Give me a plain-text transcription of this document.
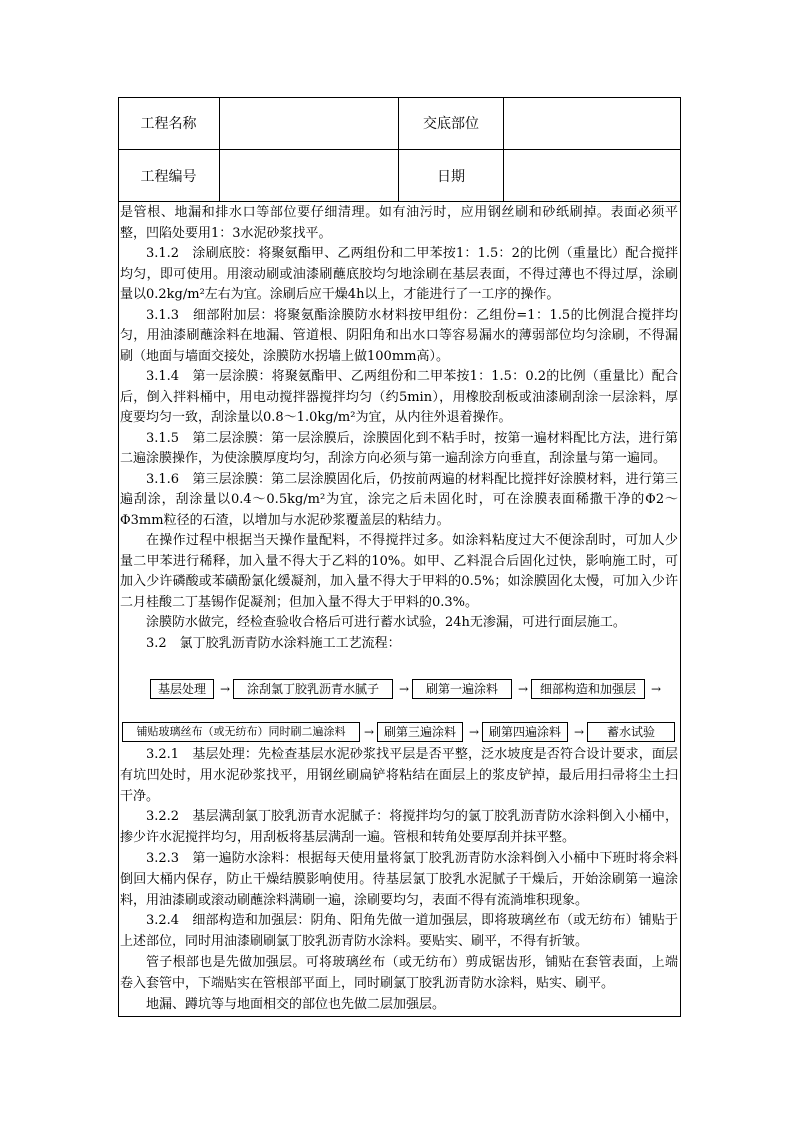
工程名称	交底部位
工程编号	日期

是管根、地漏和排水口等部位要仔细清理。如有油污时，应用钢丝刷和砂纸刷掉。表面必须平整，凹陷处要用1：3水泥砂浆找平。

3.1.2　涂刷底胶：将聚氨酯甲、乙两组份和二甲苯按1：1.5：2的比例（重量比）配合搅拌均匀，即可使用。用滚动刷或油漆刷蘸底胶均匀地涂刷在基层表面，不得过薄也不得过厚，涂刷量以0.2kg/m²左右为宜。涂刷后应干燥4h以上，才能进行了一工序的操作。

3.1.3　细部附加层：将聚氨酯涂膜防水材料按甲组份：乙组份=1：1.5的比例混合搅拌均匀，用油漆刷蘸涂料在地漏、管道根、阴阳角和出水口等容易漏水的薄弱部位均匀涂刷，不得漏刷（地面与墙面交接处，涂膜防水拐墙上做100mm高）。

3.1.4　第一层涂膜：将聚氨酯甲、乙两组份和二甲苯按1：1.5：0.2的比例（重量比）配合后，倒入拌料桶中，用电动搅拌器搅拌均匀（约5min），用橡胶刮板或油漆刷刮涂一层涂料，厚度要均匀一致，刮涂量以0.8～1.0kg/m²为宜，从内往外退着操作。

3.1.5　第二层涂膜：第一层涂膜后，涂膜固化到不粘手时，按第一遍材料配比方法，进行第二遍涂膜操作，为使涂膜厚度均匀，刮涂方向必须与第一遍刮涂方向垂直，刮涂量与第一遍同。

3.1.6　第三层涂膜：第二层涂膜固化后，仍按前两遍的材料配比搅拌好涂膜材料，进行第三遍刮涂，刮涂量以0.4～0.5kg/m²为宜，涂完之后未固化时，可在涂膜表面稀撒干净的Φ2～Φ3mm粒径的石渣，以增加与水泥砂浆覆盖层的粘结力。

在操作过程中根据当天操作量配料，不得搅拌过多。如涂料粘度过大不便涂刮时，可加人少量二甲苯进行稀释，加入量不得大于乙料的10%。如甲、乙料混合后固化过快，影响施工时，可加入少许磷酸或苯磺酚氯化缓凝剂，加入量不得大于甲料的0.5%；如涂膜固化太慢，可加入少许二月桂酸二丁基锡作促凝剂；但加入量不得大于甲料的0.3%。

涂膜防水做完，经检查验收合格后可进行蓄水试验，24h无渗漏，可进行面层施工。

3.2　氯丁胶乳沥青防水涂料施工工艺流程：

基层处理	→	涂刮氯丁胶乳沥青水腻子	→	刷第一遍涂料	→ 细部构造和加强层	→
铺贴玻璃丝布（或无纺布）同时刷二遍涂料	→ 刷第三遍涂料	→ 刷第四遍涂料	→	蓄水试验

3.2.1　基层处理：先检查基层水泥砂浆找平层是否平整，泛水坡度是否符合设计要求，面层有坑凹处时，用水泥砂浆找平，用钢丝刷扁铲将粘结在面层上的浆皮铲掉，最后用扫帚将尘土扫干净。

3.2.2　基层满刮氯丁胶乳沥青水泥腻子：将搅拌均匀的氯丁胶乳沥青防水涂料倒入小桶中，掺少许水泥搅拌均匀，用刮板将基层满刮一遍。管根和转角处要厚刮并抹平整。

3.2.3　第一遍防水涂料：根据每天使用量将氯丁胶乳沥青防水涂料倒入小桶中下班时将余料倒回大桶内保存，防止干燥结膜影响使用。待基层氯丁胶乳水泥腻子干燥后，开始涂刷第一遍涂料，用油漆刷或滚动刷蘸涂料满刷一遍，涂刷要均匀，表面不得有流淌堆积现象。

3.2.4　细部构造和加强层：阴角、阳角先做一道加强层，即将玻璃丝布（或无纺布）铺贴于上述部位，同时用油漆刷刷氯丁胶乳沥青防水涂料。要贴实、刷平，不得有折皱。

管子根部也是先做加强层。可将玻璃丝布（或无纺布）剪成锯齿形，铺贴在套管表面，上端卷入套管中，下端贴实在管根部平面上，同时刷氯丁胶乳沥青防水涂料，贴实、刷平。

地漏、蹲坑等与地面相交的部位也先做二层加强层。
